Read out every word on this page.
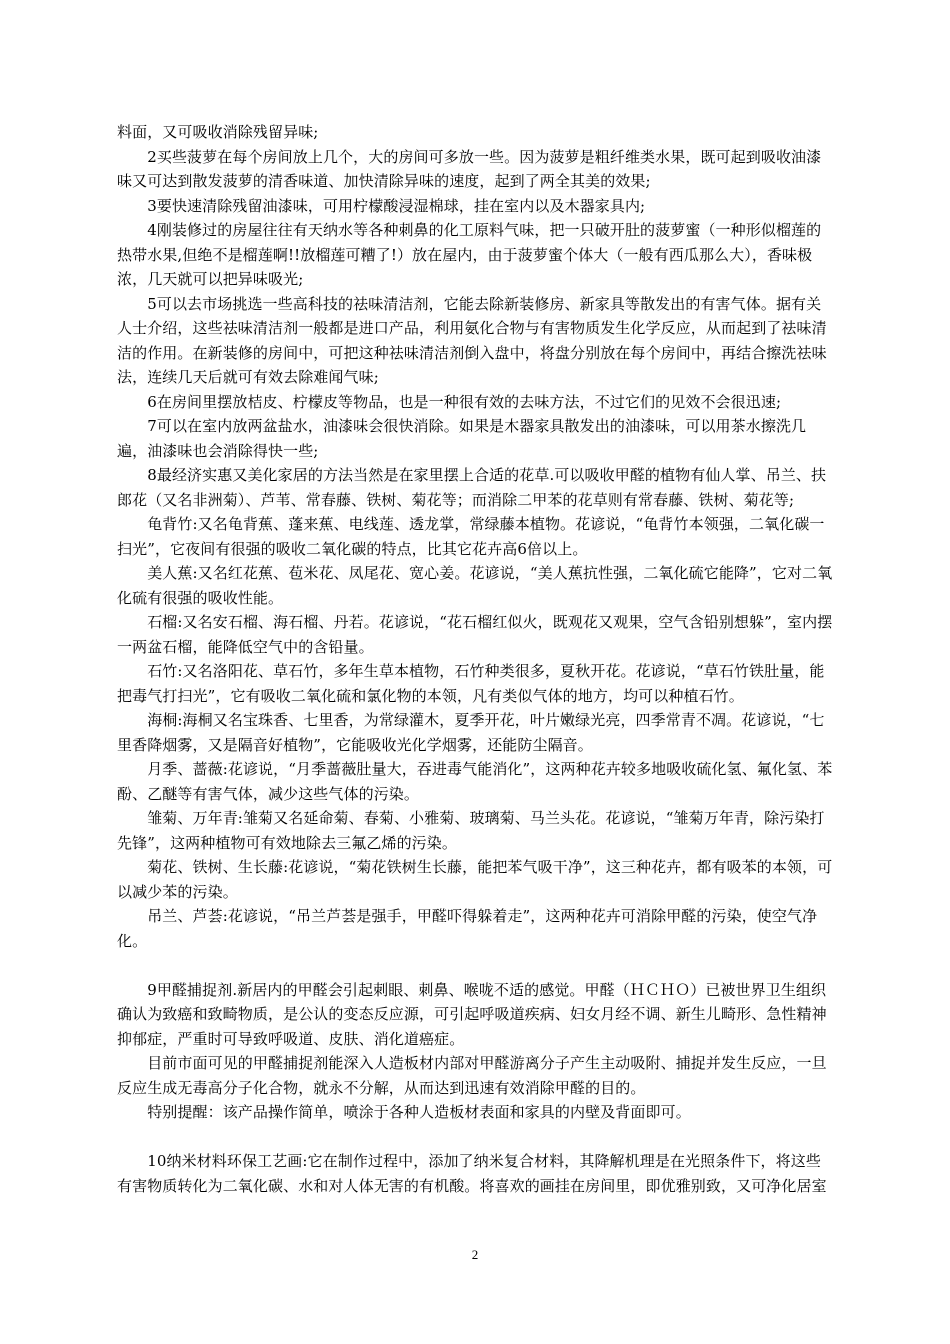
料面，又可吸收消除残留异味;

　　2买些菠萝在每个房间放上几个，大的房间可多放一些。因为菠萝是粗纤维类水果，既可起到吸收油漆味又可达到散发菠萝的清香味道、加快清除异味的速度，起到了两全其美的效果;

　　3要快速清除残留油漆味，可用柠檬酸浸湿棉球，挂在室内以及木器家具内;

　　4刚装修过的房屋往往有天纳水等各种刺鼻的化工原料气味，把一只破开肚的菠萝蜜（一种形似榴莲的热带水果,但绝不是榴莲啊!!放榴莲可糟了!）放在屋内，由于菠萝蜜个体大（一般有西瓜那么大），香味极浓，几天就可以把异味吸光;

　　5可以去市场挑选一些高科技的祛味清洁剂，它能去除新装修房、新家具等散发出的有害气体。据有关人士介绍，这些祛味清洁剂一般都是进口产品，利用氨化合物与有害物质发生化学反应，从而起到了祛味清洁的作用。在新装修的房间中，可把这种祛味清洁剂倒入盘中，将盘分别放在每个房间中，再结合擦洗祛味法，连续几天后就可有效去除难闻气味;

　　6在房间里摆放桔皮、柠檬皮等物品，也是一种很有效的去味方法，不过它们的见效不会很迅速;

　　7可以在室内放两盆盐水，油漆味会很快消除。如果是木器家具散发出的油漆味，可以用茶水擦洗几遍，油漆味也会消除得快一些;

　　8最经济实惠又美化家居的方法当然是在家里摆上合适的花草.可以吸收甲醛的植物有仙人掌、吊兰、扶郎花（又名非洲菊）、芦苇、常春藤、铁树、菊花等；而消除二甲苯的花草则有常春藤、铁树、菊花等;

　　龟背竹:又名龟背蕉、蓬来蕉、电线莲、透龙掌，常绿藤本植物。花谚说，“龟背竹本领强，二氧化碳一扫光”，它夜间有很强的吸收二氧化碳的特点，比其它花卉高6倍以上。

　　美人蕉:又名红花蕉、苞米花、凤尾花、宽心姜。花谚说，“美人蕉抗性强，二氧化硫它能降”，它对二氧化硫有很强的吸收性能。

　　石榴:又名安石榴、海石榴、丹若。花谚说，“花石榴红似火，既观花又观果，空气含铅别想躲”，室内摆一两盆石榴，能降低空气中的含铅量。

　　石竹:又名洛阳花、草石竹，多年生草本植物，石竹种类很多，夏秋开花。花谚说，“草石竹铁肚量，能把毒气打扫光”，它有吸收二氧化硫和氯化物的本领，凡有类似气体的地方，均可以种植石竹。

　　海桐:海桐又名宝珠香、七里香，为常绿灌木，夏季开花，叶片嫩绿光亮，四季常青不凋。花谚说，“七里香降烟雾，又是隔音好植物”，它能吸收光化学烟雾，还能防尘隔音。

　　月季、蔷薇:花谚说，“月季蔷薇肚量大，吞进毒气能消化”，这两种花卉较多地吸收硫化氢、氟化氢、苯酚、乙醚等有害气体，减少这些气体的污染。

　　雏菊、万年青:雏菊又名延命菊、春菊、小雅菊、玻璃菊、马兰头花。花谚说，“雏菊万年青，除污染打先锋”，这两种植物可有效地除去三氟乙烯的污染。

　　菊花、铁树、生长藤:花谚说，“菊花铁树生长藤，能把苯气吸干净”，这三种花卉，都有吸苯的本领，可以减少苯的污染。

　　吊兰、芦荟:花谚说，“吊兰芦荟是强手，甲醛吓得躲着走”，这两种花卉可消除甲醛的污染，使空气净化。

　　9甲醛捕捉剂.新居内的甲醛会引起刺眼、刺鼻、喉咙不适的感觉。甲醛（ＨＣＨＯ）已被世界卫生组织确认为致癌和致畸物质，是公认的变态反应源，可引起呼吸道疾病、妇女月经不调、新生儿畸形、急性精神抑郁症，严重时可导致呼吸道、皮肤、消化道癌症。

　　目前市面可见的甲醛捕捉剂能深入人造板材内部对甲醛游离分子产生主动吸附、捕捉并发生反应，一旦反应生成无毒高分子化合物，就永不分解，从而达到迅速有效消除甲醛的目的。

　　特别提醒：该产品操作简单，喷涂于各种人造板材表面和家具的内壁及背面即可。

　　10纳米材料环保工艺画:它在制作过程中，添加了纳米复合材料，其降解机理是在光照条件下，将这些有害物质转化为二氧化碳、水和对人体无害的有机酸。将喜欢的画挂在房间里，即优雅别致，又可净化居室

2
